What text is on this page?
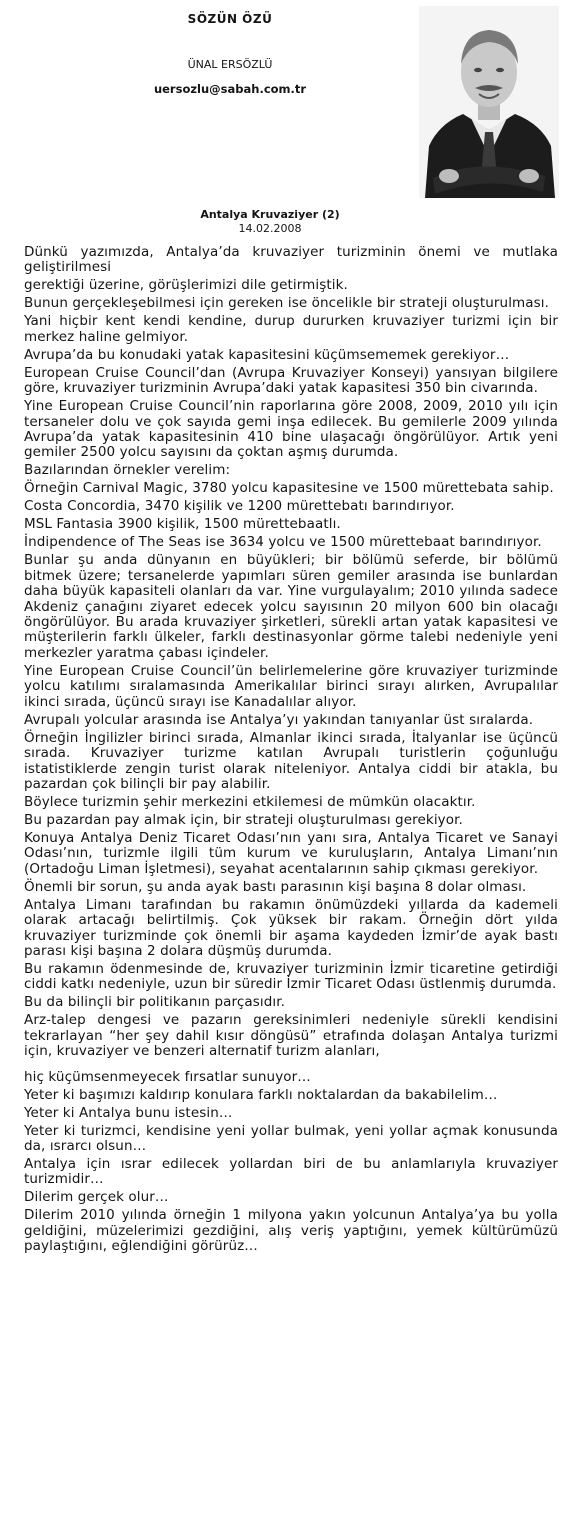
SÖZÜN ÖZÜ
ÜNAL ERSÖZLÜ
uersozlu@sabah.com.tr
Antalya Kruvaziyer (2)
14.02.2008

Dünkü yazımızda, Antalya’da kruvaziyer turizminin önemi ve mutlaka geliştirilmesi

gerektiği üzerine, görüşlerimizi dile getirmiştik.

Bunun gerçekleşebilmesi için gereken ise öncelikle bir strateji oluşturulması.

Yani hiçbir kent kendi kendine, durup dururken kruvaziyer turizmi için bir merkez haline gelmiyor.

Avrupa’da bu konudaki yatak kapasitesini küçümsememek gerekiyor…

European Cruise Council’dan (Avrupa Kruvaziyer Konseyi) yansıyan bilgilere göre, kruvaziyer turizminin Avrupa’daki yatak kapasitesi 350 bin civarında.

Yine European Cruise Council’nin raporlarına göre 2008, 2009, 2010 yılı için tersaneler dolu ve çok sayıda gemi inşa edilecek. Bu gemilerle 2009 yılında Avrupa’da yatak kapasitesinin 410 bine ulaşacağı öngörülüyor. Artık yeni gemiler 2500 yolcu sayısını da çoktan aşmış durumda.

Bazılarından örnekler verelim:

Örneğin Carnival Magic, 3780 yolcu kapasitesine ve 1500 mürettebata sahip.

Costa Concordia, 3470 kişilik ve 1200 mürettebatı barındırıyor.

MSL Fantasia 3900 kişilik, 1500 mürettebaatlı.

İndipendence of The Seas ise 3634 yolcu ve 1500 mürettebaat barındırıyor.

Bunlar şu anda dünyanın en büyükleri; bir bölümü seferde, bir bölümü bitmek üzere; tersanelerde yapımları süren gemiler arasında ise bunlardan daha büyük kapasiteli olanları da var. Yine vurgulayalım; 2010 yılında sadece Akdeniz çanağını ziyaret edecek yolcu sayısının 20 milyon 600 bin olacağı öngörülüyor. Bu arada kruvaziyer şirketleri, sürekli artan yatak kapasitesi ve müşterilerin farklı ülkeler, farklı destinasyonlar görme talebi nedeniyle yeni merkezler yaratma çabası içindeler.

Yine European Cruise Council’ün belirlemelerine göre kruvaziyer turizminde yolcu katılımı sıralamasında Amerikalılar birinci sırayı alırken, Avrupalılar ikinci sırada, üçüncü sırayı ise Kanadalılar alıyor.

Avrupalı yolcular arasında ise Antalya’yı yakından tanıyanlar üst sıralarda.

Örneğin İngilizler birinci sırada, Almanlar ikinci sırada, İtalyanlar ise üçüncü sırada. Kruvaziyer turizme katılan Avrupalı turistlerin çoğunluğu istatistiklerde zengin turist olarak niteleniyor. Antalya ciddi bir atakla, bu pazardan çok bilinçli bir pay alabilir.

Böylece turizmin şehir merkezini etkilemesi de mümkün olacaktır.

Bu pazardan pay almak için, bir strateji oluşturulması gerekiyor.

Konuya Antalya Deniz Ticaret Odası’nın yanı sıra, Antalya Ticaret ve Sanayi Odası’nın, turizmle ilgili tüm kurum ve kuruluşların, Antalya Limanı’nın (Ortadoğu Liman İşletmesi), seyahat acentalarının sahip çıkması gerekiyor.

Önemli bir sorun, şu anda ayak bastı parasının kişi başına 8 dolar olması.

Antalya Limanı tarafından bu rakamın önümüzdeki yıllarda da kademeli olarak artacağı belirtilmiş. Çok yüksek bir rakam. Örneğin dört yılda kruvaziyer turizminde çok önemli bir aşama kaydeden İzmir’de ayak bastı parası kişi başına 2 dolara düşmüş durumda.

Bu rakamın ödenmesinde de, kruvaziyer turizminin İzmir ticaretine getirdiği ciddi katkı nedeniyle, uzun bir süredir İzmir Ticaret Odası üstlenmiş durumda.

Bu da bilinçli bir politikanın parçasıdır.

Arz-talep dengesi ve pazarın gereksinimleri nedeniyle sürekli kendisini tekrarlayan “her şey dahil kısır döngüsü” etrafında dolaşan Antalya turizmi için, kruvaziyer ve benzeri alternatif turizm alanları,

hiç küçümsenmeyecek fırsatlar sunuyor…

Yeter ki başımızı kaldırıp konulara farklı noktalardan da bakabilelim…

Yeter ki Antalya bunu istesin…

Yeter ki turizmci, kendisine yeni yollar bulmak, yeni yollar açmak konusunda da, ısrarcı olsun…

Antalya için ısrar edilecek yollardan biri de bu anlamlarıyla kruvaziyer turizmidir…

Dilerim gerçek olur…

Dilerim 2010 yılında örneğin 1 milyona yakın yolcunun Antalya’ya bu yolla geldiğini, müzelerimizi gezdiğini, alış veriş yaptığını, yemek kültürümüzü paylaştığını, eğlendiğini görürüz…
